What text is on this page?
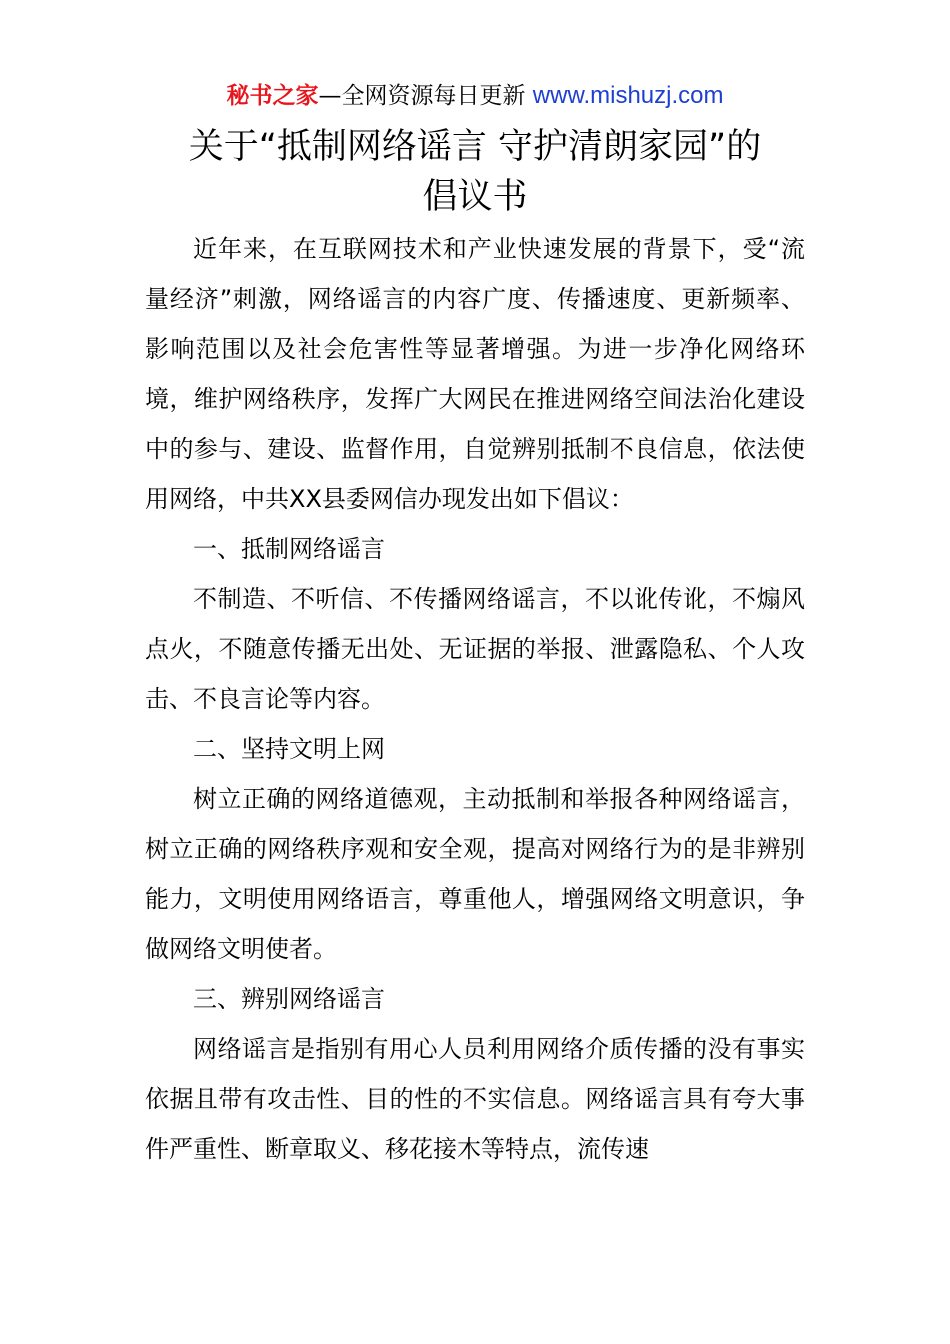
秘书之家—全网资源每日更新 www.mishuzj.com
关于“抵制网络谣言 守护清朗家园”的
倡议书

近年来，在互联网技术和产业快速发展的背景下，受“流量经济”刺激，网络谣言的内容广度、传播速度、更新频率、影响范围以及社会危害性等显著增强。为进一步净化网络环境，维护网络秩序，发挥广大网民在推进网络空间法治化建设中的参与、建设、监督作用，自觉辨别抵制不良信息，依法使用网络，中共XX县委网信办现发出如下倡议：

一、抵制网络谣言

不制造、不听信、不传播网络谣言，不以讹传讹，不煽风点火，不随意传播无出处、无证据的举报、泄露隐私、个人攻击、不良言论等内容。

二、坚持文明上网

树立正确的网络道德观，主动抵制和举报各种网络谣言，树立正确的网络秩序观和安全观，提高对网络行为的是非辨别能力，文明使用网络语言，尊重他人，增强网络文明意识，争做网络文明使者。

三、辨别网络谣言

网络谣言是指别有用心人员利用网络介质传播的没有事实依据且带有攻击性、目的性的不实信息。网络谣言具有夸大事件严重性、断章取义、移花接木等特点，流传速
